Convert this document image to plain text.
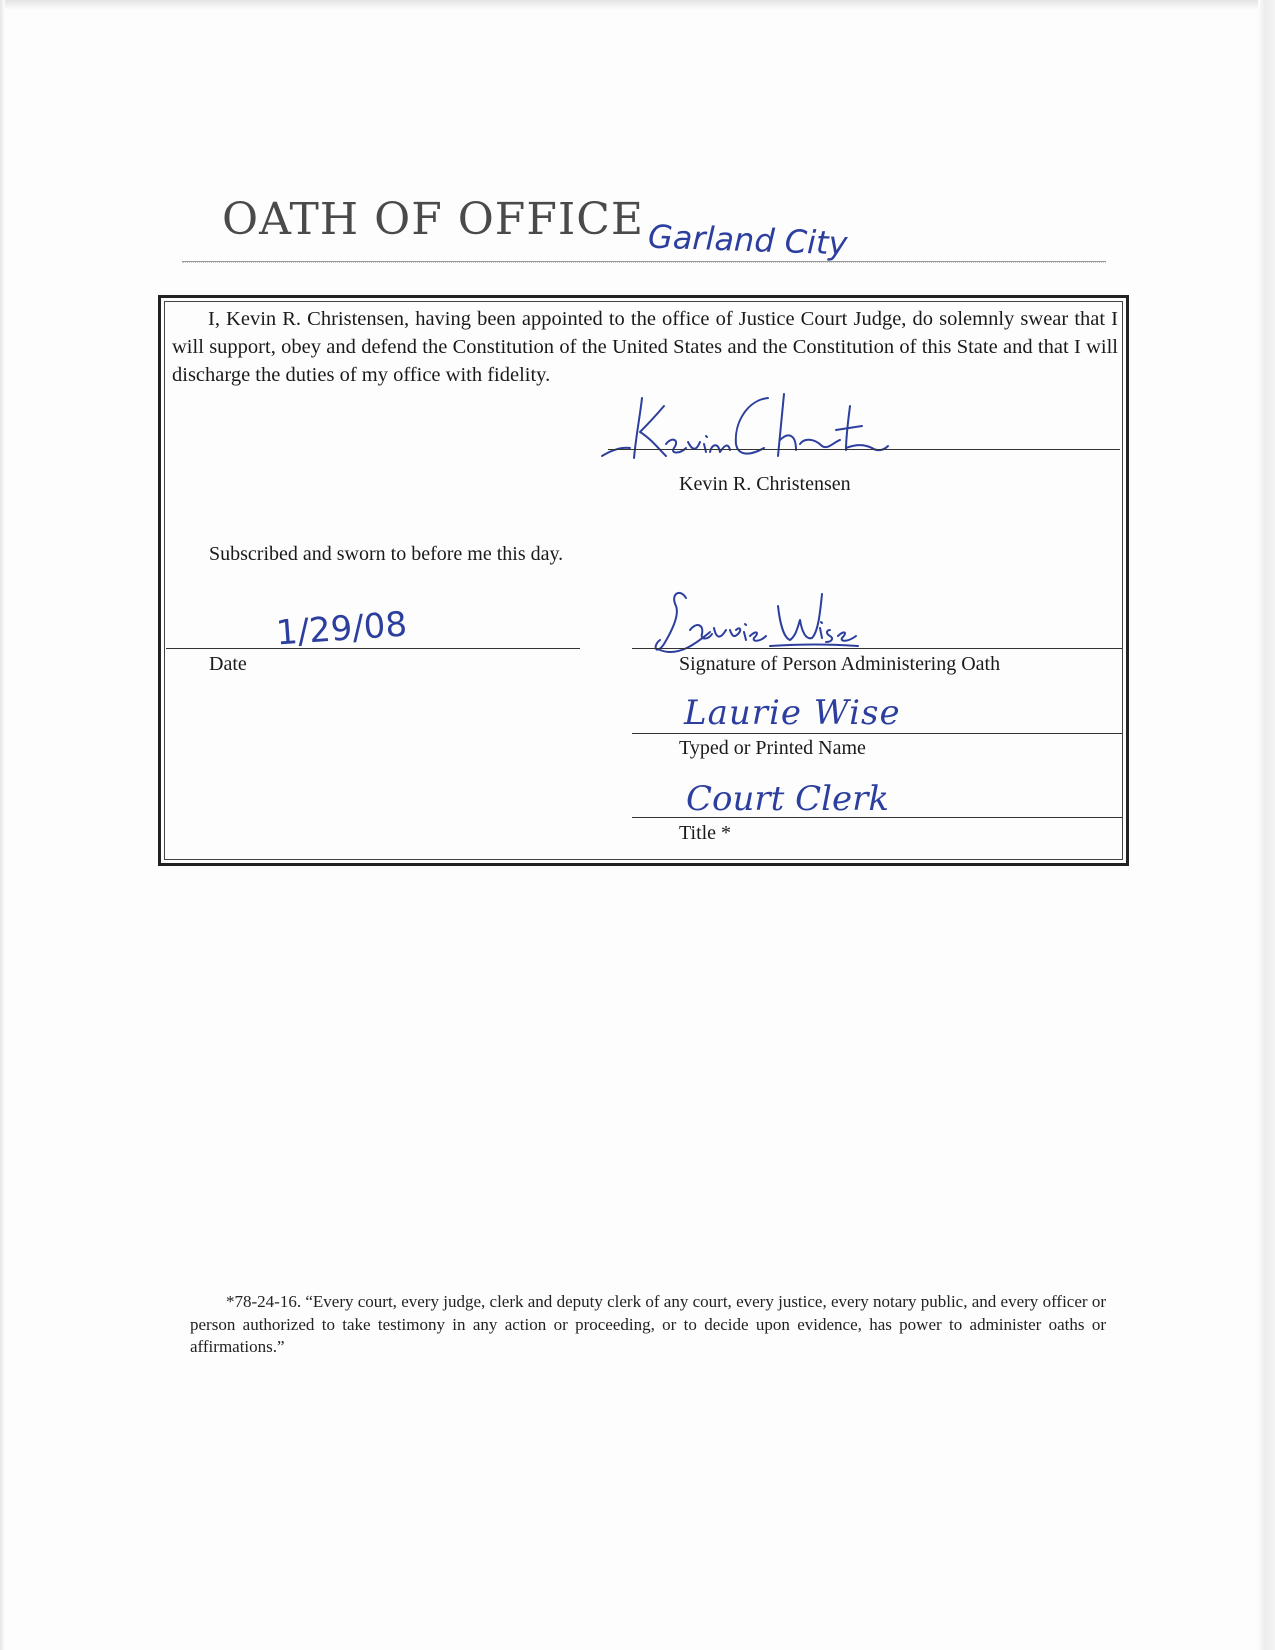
OATH OF OFFICE Garland City

I, Kevin R. Christensen, having been appointed to the office of Justice Court Judge, do solemnly swear that I will support, obey and defend the Constitution of the United States and the Constitution of this State and that I will discharge the duties of my office with fidelity.

Kevin R. Christensen
Subscribed and sworn to before me this day.
1/29/08
Date	Signature of Person Administering Oath
Laurie Wise
Typed or Printed Name
Court Clerk
Title *

*78-24-16. “Every court, every judge, clerk and deputy clerk of any court, every justice, every notary public, and every officer or person authorized to take testimony in any action or proceeding, or to decide upon evidence, has power to administer oaths or affirmations.”
